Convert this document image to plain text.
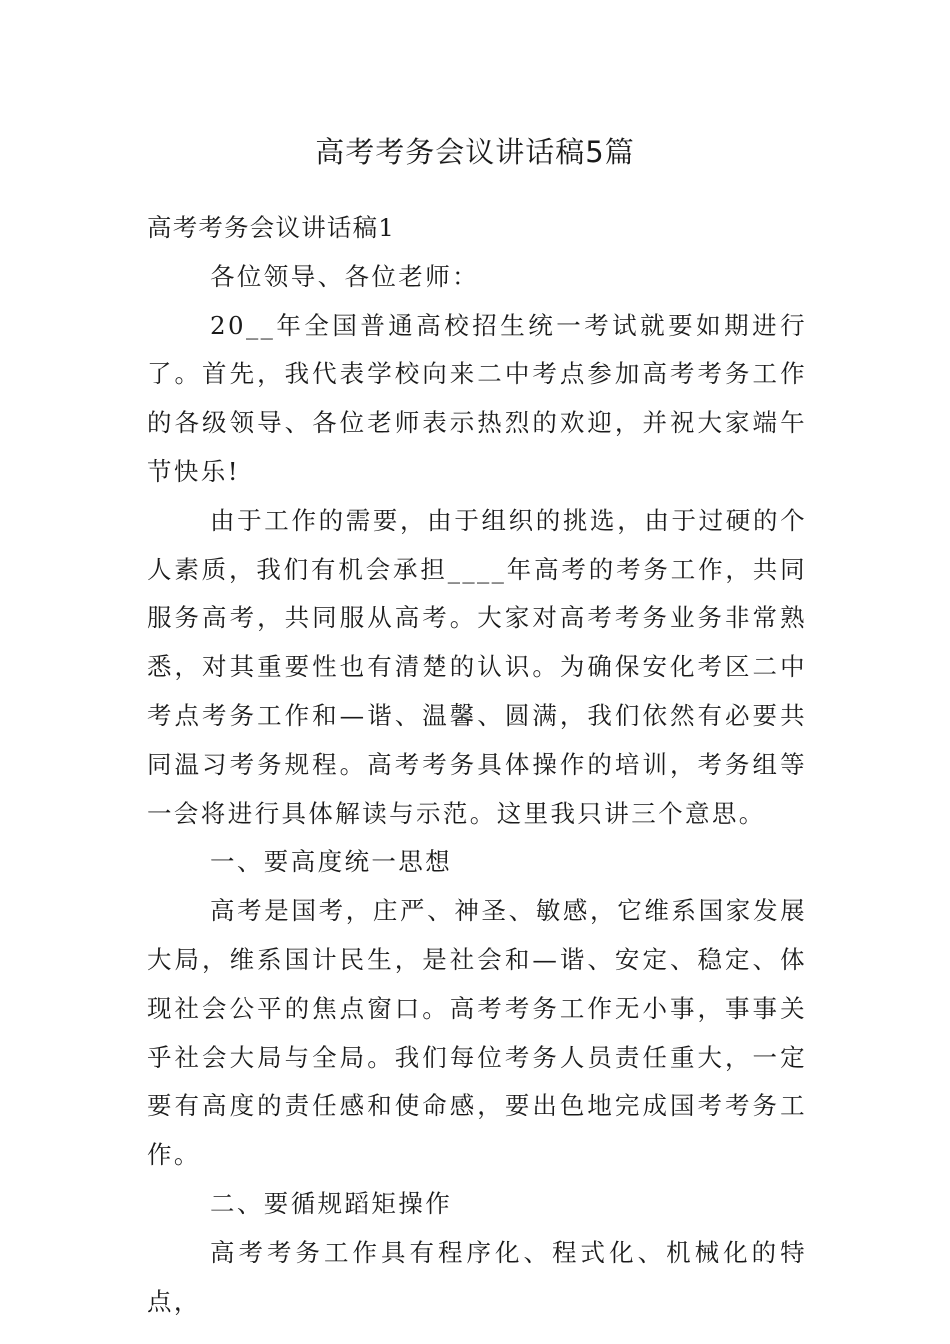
高考考务会议讲话稿5篇

高考考务会议讲话稿1

各位领导、各位老师：

20__年全国普通高校招生统一考试就要如期进行了。首先，我代表学校向来二中考点参加高考考务工作的各级领导、各位老师表示热烈的欢迎，并祝大家端午节快乐!

由于工作的需要，由于组织的挑选，由于过硬的个人素质，我们有机会承担____年高考的考务工作，共同服务高考，共同服从高考。大家对高考考务业务非常熟悉，对其重要性也有清楚的认识。为确保安化考区二中考点考务工作和—谐、温馨、圆满，我们依然有必要共同温习考务规程。高考考务具体操作的培训，考务组等一会将进行具体解读与示范。这里我只讲三个意思。

一、要高度统一思想

高考是国考，庄严、神圣、敏感，它维系国家发展大局，维系国计民生，是社会和—谐、安定、稳定、体现社会公平的焦点窗口。高考考务工作无小事，事事关乎社会大局与全局。我们每位考务人员责任重大，一定要有高度的责任感和使命感，要出色地完成国考考务工作。

二、要循规蹈矩操作

高考考务工作具有程序化、程式化、机械化的特点，
